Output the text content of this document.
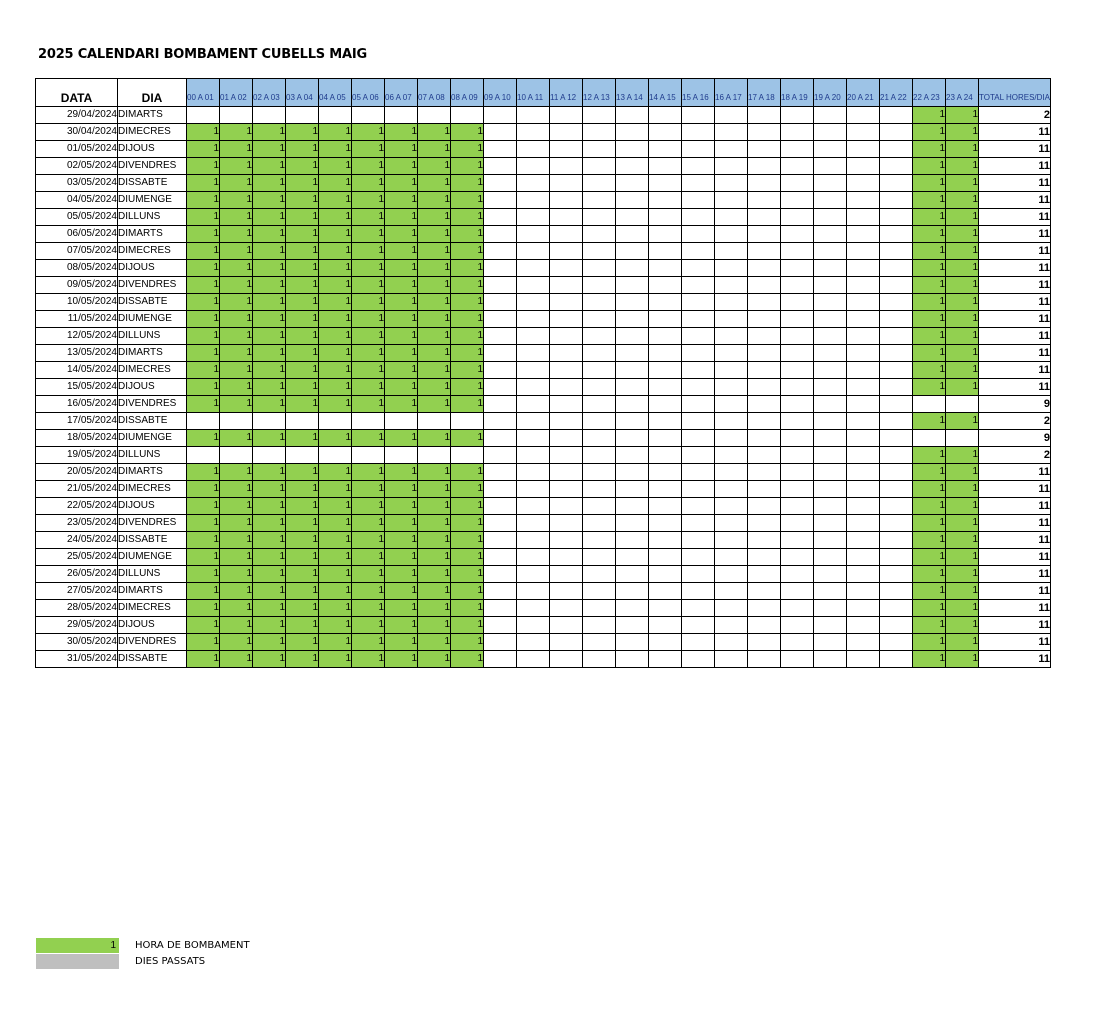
2025 CALENDARI BOMBAMENT CUBELLS MAIG
DATA	DIA	00 A 01	01 A 02	02 A 03	03 A 04	04 A 05	05 A 06	06 A 07	07 A 08	08 A 09	09 A 10	10 A 11	11 A 12	12 A 13	13 A 14	14 A 15	15 A 16	16 A 17	17 A 18	18 A 19	19 A 20	20 A 21	21 A 22	22 A 23	23 A 24	TOTAL HORES/DIA
29/04/2024	DIMARTS																							1	1	2
30/04/2024	DIMECRES	1	1	1	1	1	1	1	1	1														1	1	11
01/05/2024	DIJOUS	1	1	1	1	1	1	1	1	1														1	1	11
02/05/2024	DIVENDRES	1	1	1	1	1	1	1	1	1														1	1	11
03/05/2024	DISSABTE	1	1	1	1	1	1	1	1	1														1	1	11
04/05/2024	DIUMENGE	1	1	1	1	1	1	1	1	1														1	1	11
05/05/2024	DILLUNS	1	1	1	1	1	1	1	1	1														1	1	11
06/05/2024	DIMARTS	1	1	1	1	1	1	1	1	1														1	1	11
07/05/2024	DIMECRES	1	1	1	1	1	1	1	1	1														1	1	11
08/05/2024	DIJOUS	1	1	1	1	1	1	1	1	1														1	1	11
09/05/2024	DIVENDRES	1	1	1	1	1	1	1	1	1														1	1	11
10/05/2024	DISSABTE	1	1	1	1	1	1	1	1	1														1	1	11
11/05/2024	DIUMENGE	1	1	1	1	1	1	1	1	1														1	1	11
12/05/2024	DILLUNS	1	1	1	1	1	1	1	1	1														1	1	11
13/05/2024	DIMARTS	1	1	1	1	1	1	1	1	1														1	1	11
14/05/2024	DIMECRES	1	1	1	1	1	1	1	1	1														1	1	11
15/05/2024	DIJOUS	1	1	1	1	1	1	1	1	1														1	1	11
16/05/2024	DIVENDRES	1	1	1	1	1	1	1	1	1																9
17/05/2024	DISSABTE																							1	1	2
18/05/2024	DIUMENGE	1	1	1	1	1	1	1	1	1																9
19/05/2024	DILLUNS																							1	1	2
20/05/2024	DIMARTS	1	1	1	1	1	1	1	1	1														1	1	11
21/05/2024	DIMECRES	1	1	1	1	1	1	1	1	1														1	1	11
22/05/2024	DIJOUS	1	1	1	1	1	1	1	1	1														1	1	11
23/05/2024	DIVENDRES	1	1	1	1	1	1	1	1	1														1	1	11
24/05/2024	DISSABTE	1	1	1	1	1	1	1	1	1														1	1	11
25/05/2024	DIUMENGE	1	1	1	1	1	1	1	1	1														1	1	11
26/05/2024	DILLUNS	1	1	1	1	1	1	1	1	1														1	1	11
27/05/2024	DIMARTS	1	1	1	1	1	1	1	1	1														1	1	11
28/05/2024	DIMECRES	1	1	1	1	1	1	1	1	1														1	1	11
29/05/2024	DIJOUS	1	1	1	1	1	1	1	1	1														1	1	11
30/05/2024	DIVENDRES	1	1	1	1	1	1	1	1	1														1	1	11
31/05/2024	DISSABTE	1	1	1	1	1	1	1	1	1														1	1	11
1	HORA DE BOMBAMENT
DIES PASSATS
